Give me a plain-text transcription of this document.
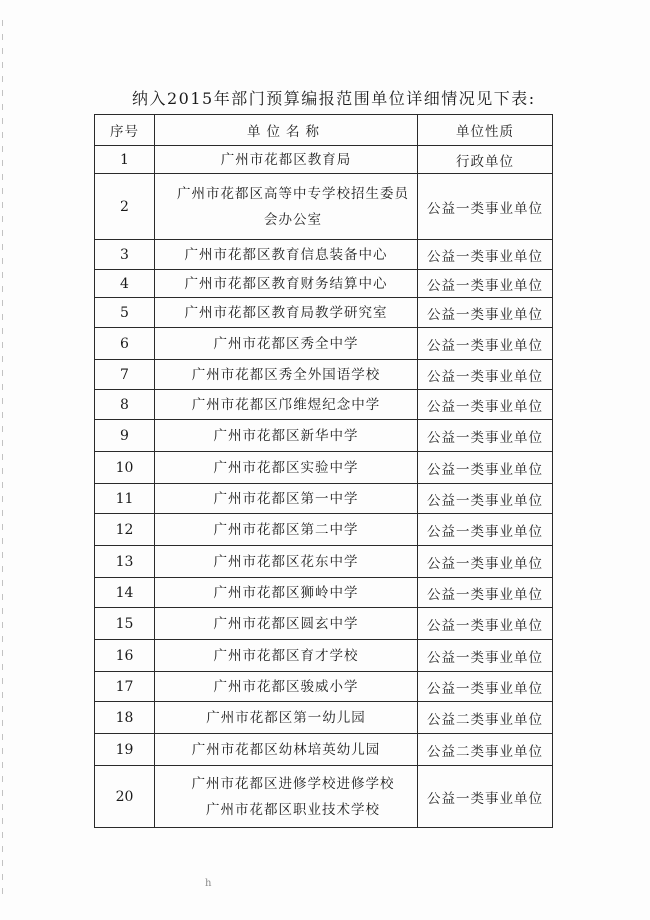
纳入2015年部门预算编报范围单位详细情况见下表:
序号	单位名称	单位性质
1	广州市花都区教育局	行政单位
2	广州市花都区高等中专学校招生委员
会办公室	公益一类事业单位
3	广州市花都区教育信息装备中心	公益一类事业单位
4	广州市花都区教育财务结算中心	公益一类事业单位
5	广州市花都区教育局教学研究室	公益一类事业单位
6	广州市花都区秀全中学	公益一类事业单位
7	广州市花都区秀全外国语学校	公益一类事业单位
8	广州市花都区邝维煜纪念中学	公益一类事业单位
9	广州市花都区新华中学	公益一类事业单位
10	广州市花都区实验中学	公益一类事业单位
11	广州市花都区第一中学	公益一类事业单位
12	广州市花都区第二中学	公益一类事业单位
13	广州市花都区花东中学	公益一类事业单位
14	广州市花都区狮岭中学	公益一类事业单位
15	广州市花都区圆玄中学	公益一类事业单位
16	广州市花都区育才学校	公益一类事业单位
17	广州市花都区骏威小学	公益一类事业单位
18	广州市花都区第一幼儿园	公益二类事业单位
19	广州市花都区幼林培英幼儿园	公益二类事业单位
20	广州市花都区进修学校进修学校
广州市花都区职业技术学校	公益一类事业单位
h
